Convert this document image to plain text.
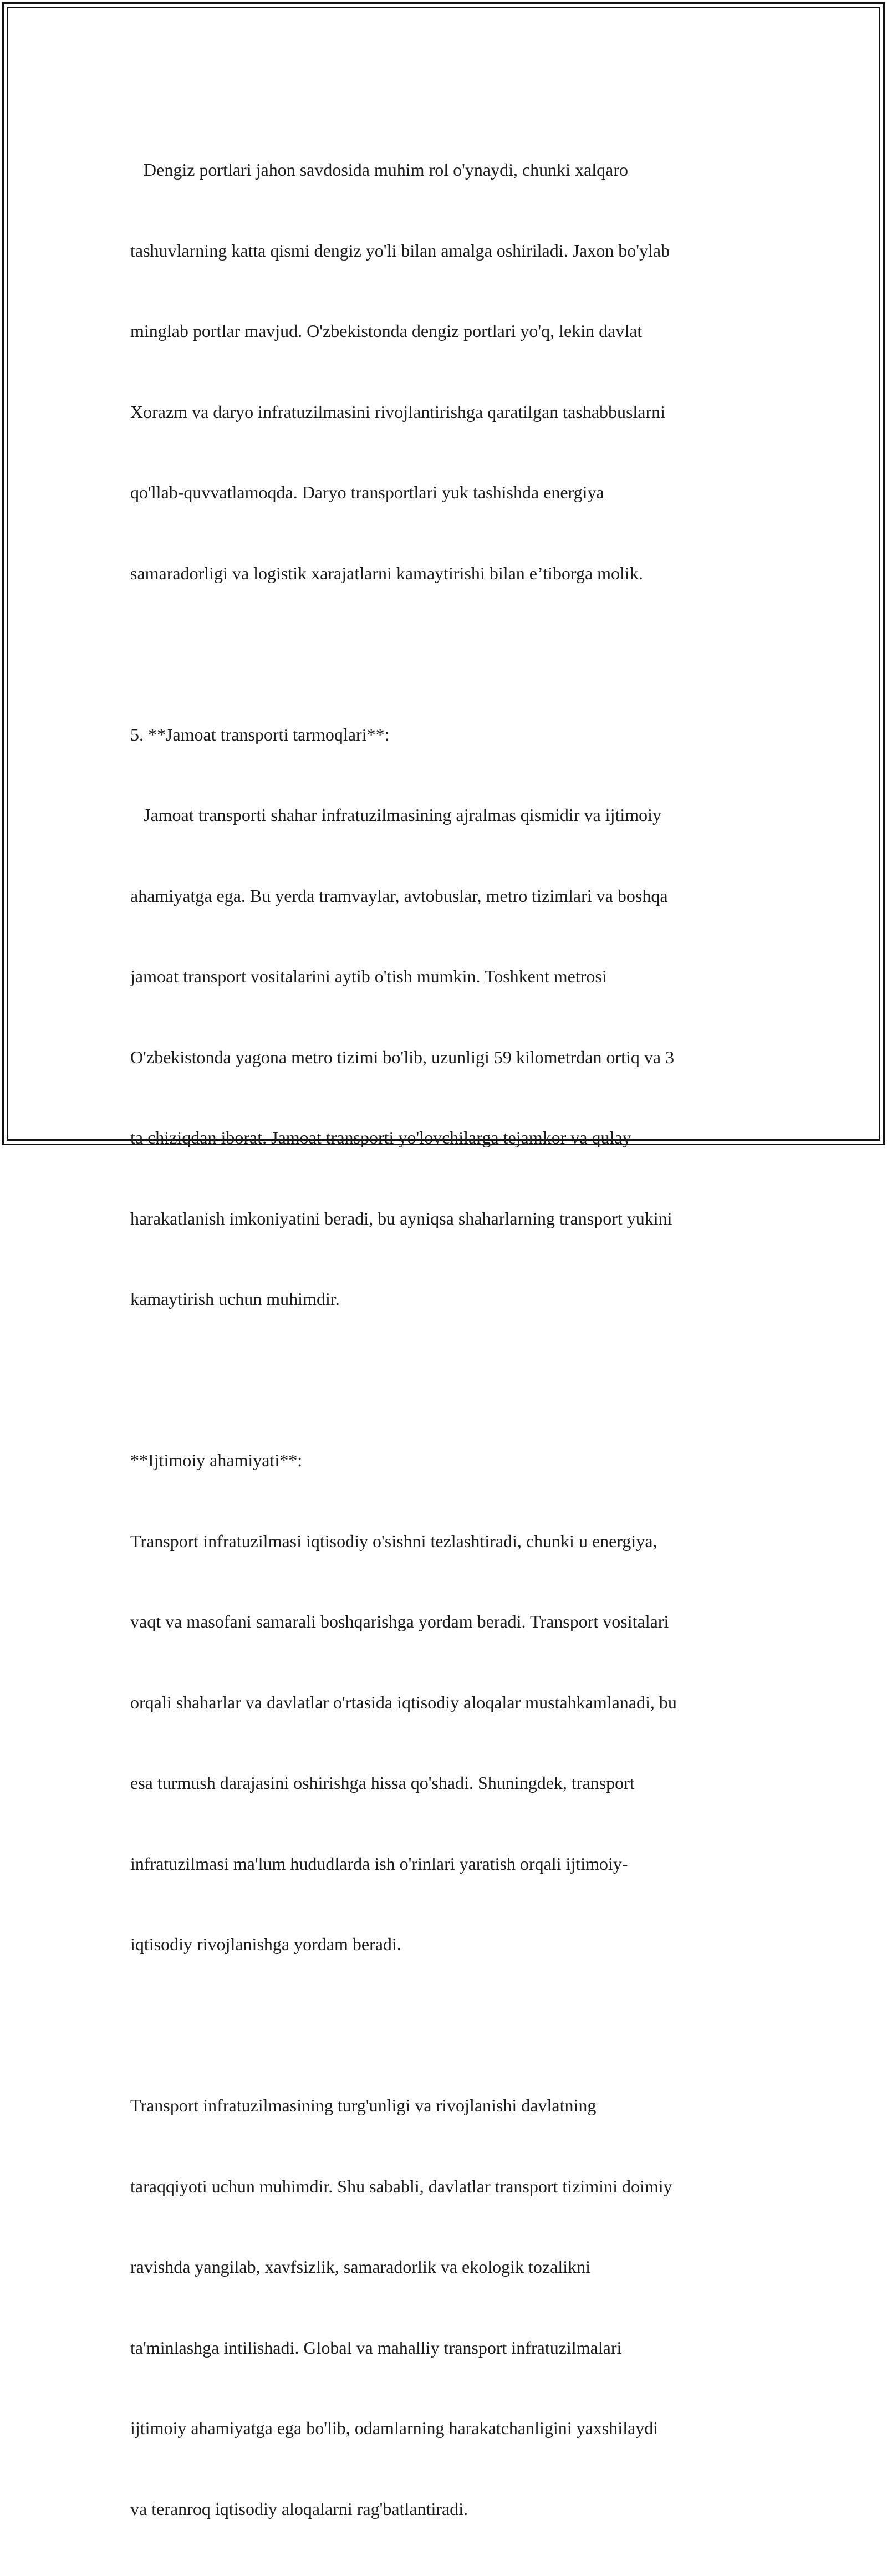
Dengiz portlari jahon savdosida muhim rol o'ynaydi, chunki xalqaro

tashuvlarning katta qismi dengiz yo'li bilan amalga oshiriladi. Jaxon bo'ylab

minglab portlar mavjud. O'zbekistonda dengiz portlari yo'q, lekin davlat

Xorazm va daryo infratuzilmasini rivojlantirishga qaratilgan tashabbuslarni

qo'llab-quvvatlamoqda. Daryo transportlari yuk tashishda energiya

samaradorligi va logistik xarajatlarni kamaytirishi bilan e’tiborga molik.

5. **Jamoat transporti tarmoqlari**:

Jamoat transporti shahar infratuzilmasining ajralmas qismidir va ijtimoiy

ahamiyatga ega. Bu yerda tramvaylar, avtobuslar, metro tizimlari va boshqa

jamoat transport vositalarini aytib o'tish mumkin. Toshkent metrosi

O'zbekistonda yagona metro tizimi bo'lib, uzunligi 59 kilometrdan ortiq va 3

ta chiziqdan iborat. Jamoat transporti yo'lovchilarga tejamkor va qulay

harakatlanish imkoniyatini beradi, bu ayniqsa shaharlarning transport yukini

kamaytirish uchun muhimdir.

**Ijtimoiy ahamiyati**:

Transport infratuzilmasi iqtisodiy o'sishni tezlashtiradi, chunki u energiya,

vaqt va masofani samarali boshqarishga yordam beradi. Transport vositalari

orqali shaharlar va davlatlar o'rtasida iqtisodiy aloqalar mustahkamlanadi, bu

esa turmush darajasini oshirishga hissa qo'shadi. Shuningdek, transport

infratuzilmasi ma'lum hududlarda ish o'rinlari yaratish orqali ijtimoiy-

iqtisodiy rivojlanishga yordam beradi.

Transport infratuzilmasining turg'unligi va rivojlanishi davlatning

taraqqiyoti uchun muhimdir. Shu sababli, davlatlar transport tizimini doimiy

ravishda yangilab, xavfsizlik, samaradorlik va ekologik tozalikni

ta'minlashga intilishadi. Global va mahalliy transport infratuzilmalari

ijtimoiy ahamiyatga ega bo'lib, odamlarning harakatchanligini yaxshilaydi

va teranroq iqtisodiy aloqalarni rag'batlantiradi.
